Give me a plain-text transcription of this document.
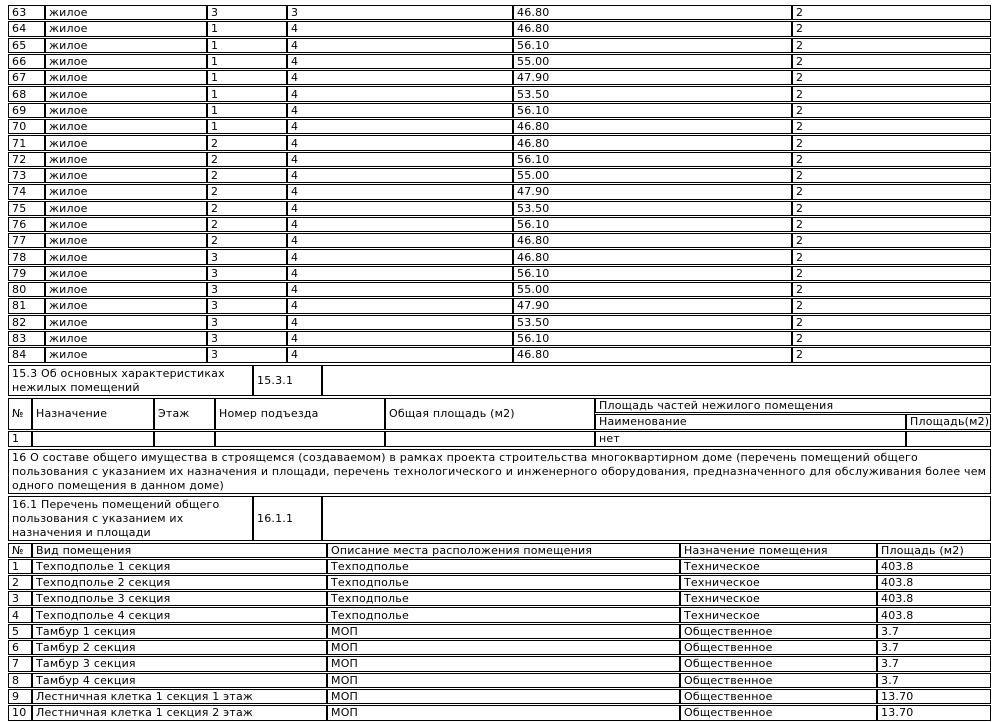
63	жилое	3	3	46.80	2
64	жилое	1	4	46.80	2
65	жилое	1	4	56.10	2
66	жилое	1	4	55.00	2
67	жилое	1	4	47.90	2
68	жилое	1	4	53.50	2
69	жилое	1	4	56.10	2
70	жилое	1	4	46.80	2
71	жилое	2	4	46.80	2
72	жилое	2	4	56.10	2
73	жилое	2	4	55.00	2
74	жилое	2	4	47.90	2
75	жилое	2	4	53.50	2
76	жилое	2	4	56.10	2
77	жилое	2	4	46.80	2
78	жилое	3	4	46.80	2
79	жилое	3	4	56.10	2
80	жилое	3	4	55.00	2
81	жилое	3	4	47.90	2
82	жилое	3	4	53.50	2
83	жилое	3	4	56.10	2
84	жилое	3	4	46.80	2
15.3 Об основных характеристиках нежилых помещений	15.3.1	
№	Назначение	Этаж	Номер подъезда	Общая площадь (м2)	Площадь частей нежилого помещения	
					Наименование	Площадь(м2)
1					нет	
16 О составе общего имущества в строящемся (создаваемом) в рамках проекта строительства многоквартирном доме (перечень помещений общего пользования с указанием их назначения и площади, перечень технологического и инженерного оборудования, предназначенного для обслуживания более чем одного помещения в данном доме)
16.1 Перечень помещений общего пользования с указанием их назначения и площади	16.1.1	
№	Вид помещения	Описание места расположения помещения	Назначение помещения	Площадь (м2)
1	Техподполье 1 секция	Техподполье	Техническое	403.8
2	Техподполье 2 секция	Техподполье	Техническое	403.8
3	Техподполье 3 секция	Техподполье	Техническое	403.8
4	Техподполье 4 секция	Техподполье	Техническое	403.8
5	Тамбур 1 секция	МОП	Общественное	3.7
6	Тамбур 2 секция	МОП	Общественное	3.7
7	Тамбур 3 секция	МОП	Общественное	3.7
8	Тамбур 4 секция	МОП	Общественное	3.7
9	Лестничная клетка 1 секция 1 этаж	МОП	Общественное	13.70
10	Лестничная клетка 1 секция 2 этаж	МОП	Общественное	13.70
